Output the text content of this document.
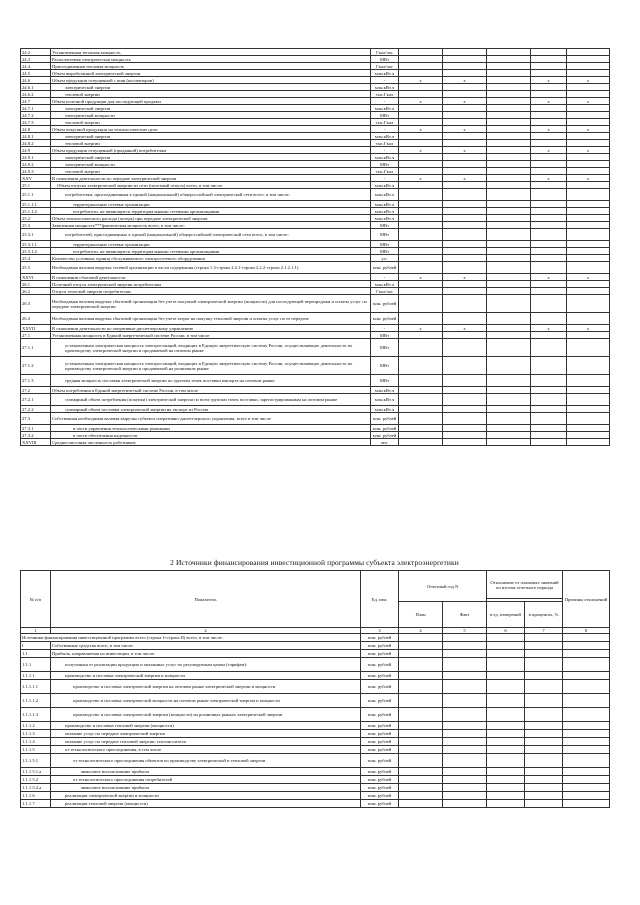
24.2	Установленная тепловая мощность	Гкал/час					
24.3	Располагаемая электрическая мощность	МВт					
24.4	Присоединенная тепловая мощность	Гкал/час					
24.5	Объем выработанной электрической энергии	млн.кВт.ч					
24.6	Объем продукции отпущенной с шин (коллекторов)	-	x	x		x	x
24.6.1	электрической энергии	млн.кВт.ч					
24.6.2	тепловой энергии	тыс.Гкал					
24.7	Объем полезной продукции для последующей продажи	-	x	x		x	x
24.7.1	электрической энергии	млн.кВт.ч					
24.7.2	электрической мощности	МВт					
24.7.3	тепловой энергии	тыс.Гкал					
24.8	Объем покупной продукции на технологические цели	-	x	x		x	x
24.8.1	электрической энергии	млн.кВт.ч					
24.8.2	тепловой энергии	тыс.Гкал					
24.9	Объем продукции отпущенной (проданной) потребителям	-	x	x		x	x
24.9.1	электрической энергии	млн.кВт.ч					
24.9.2	электрической мощности	МВт					
24.9.3	тепловой энергии	тыс.Гкал					
XXV	В отношении деятельности по передаче электрической энергии	-	x	x		x	x
25.1	Объем отпуска электрической энергии из сети (полезный отпуск) всего, в том числе:	млн.кВт.ч					
25.1.1	потребителям, присоединенным к единой (национальной) общероссийской электрической сети всего, в том числе:	млн.кВт.ч					
25.1.1.1	территориальные сетевые организации	млн.кВт.ч					
25.1.1.2	потребители, не являющиеся территориальными сетевыми организациями	млн.кВт.ч					
25.2	Объем технологического расхода (потерь) при передаче электрической энергии	млн.кВт.ч					
25.3	Заявленная мощность***фактическая мощность всего, в том числе:	МВт					
25.3.1	потребителей, присоединенных к единой (национальной) общероссийской электрической сети всего, в том числе:	МВт					
25.3.1.1	территориальные сетевые организации	МВт					
25.3.1.2	потребители, не являющиеся территориальными сетевыми организациями	МВт					
25.4	Количество условных единиц обслуживаемого электросетевого оборудования	у.е.					
25.5	Необходимая валовая выручка сетевой организации в части содержания (строка 1.3-строка 2.2.1-строка 2.2.2-строка 2.1.2.1.1)	млн. рублей					
XXVI	В отношении сбытовой деятельности	-	x	x		x	x
26.1	Полезный отпуск электрической энергии потребителям	млн.кВт.ч					
26.2	Отпуск тепловой энергии потребителям	Гкал/час					
26.3	Необходимая валовая выручка сбытовой организации без учета покупной электрической энергии (мощности) для последующей перепродажи и оплаты услуг по передаче электрической энергии	млн. рублей					
26.4	Необходимая валовая выручка сбытовой организации без учета затрат на покупку тепловой энергии и оплаты услуг по ее передаче	млн. рублей					
XXVII	В отношении деятельности по оперативно-диспетчерскому управлению	-	x	x		x	x
27.1	Установленная мощность в Единой энергетической системе России, в том числе	МВт					
27.1.1	установленная электрическая мощность электростанций, входящих в Единую энергетическую систему России, осуществляющих деятельность по производству электрической энергии и продаваемой на оптовом рынке	МВт					
27.1.2	установленная электрическая мощность электростанций, входящих в Единую энергетическую систему России, осуществляющих деятельность по производству электрической энергии и продаваемой на розничном рынке	МВт					
27.1.3	средняя мощность поставки электрической энергии по группам точек поставки импорта на оптовом рынке	МВт					
27.2	Объем потребления в Единой энергетической системе России, в том числе	млн.кВт.ч					
27.2.1	суммарный объем потребления (покупки) электрической энергии по всем группам точек поставки, зарегистрированным на оптовом рынке	млн.кВт.ч					
27.2.2	суммарный объем поставки электрической энергии на экспорт из России	млн.кВт.ч					
27.3	Собственная необходимая валовая выручка субъекта оперативно-диспетчерского управления, всего в том числе	млн. рублей					
27.3.1	в части управления технологическими режимами	млн. рублей					
27.3.2	в части обеспечения надежности	млн. рублей					
XXVIII	Среднесписочная численность работников	чел.					
2 Источники финансирования инвестиционной программы субъекта электроэнергетики
№ п/п	Показатель	Ед. изм.	Отчетный год N		Отклонение от плановых значений по итогам отчетного периода		Причины отклонений

			План	Факт	в ед. измерений	в процентах, %	
1	2	3	4	5	6	7	8
Источники финансирования инвестиционной программы всего (строка I+строка II) всего, в том числе:		млн. рублей					
I	Собственные средства всего, в том числе:	млн. рублей					
1.1	Прибыль, направляемая на инвестиции, в том числе:	млн. рублей					
1.1.1	полученная от реализации продукции и оказанных услуг по регулируемым ценам (тарифам):	млн. рублей					
1.1.1.1	производство и поставка электрической энергии и мощности	млн. рублей					
1.1.1.1.1	производство и поставка электрической энергии на оптовом рынке электрической энергии и мощности	млн. рублей					
1.1.1.1.2	производство и поставка электрической мощности на оптовом рынке электрической энергии и мощности	млн. рублей					
1.1.1.1.3	производство и поставка электрической энергии (мощности) на розничных рынках электрической энергии	млн. рублей					
1.1.1.2	производство и поставка тепловой энергии (мощности)	млн. рублей					
1.1.1.3	оказание услуг по передаче электрической энергии	млн. рублей					
1.1.1.4	оказание услуг по передаче тепловой энергии, теплоносителя	млн. рублей					
1.1.1.5	от технологического присоединения, в том числе	млн. рублей					
1.1.1.5.1	от технологического присоединения объектов по производству электрической и тепловой энергии	млн. рублей					
1.1.1.5.1.a	авансовое использование прибыли	млн. рублей					
1.1.1.5.2	от технологического присоединения потребителей	млн. рублей					
1.1.1.5.2.a	авансовое использование прибыли	млн. рублей					
1.1.1.6	реализации электрической энергии и мощности	млн. рублей					
1.1.1.7	реализации тепловой энергии (мощности)	млн. рублей					
